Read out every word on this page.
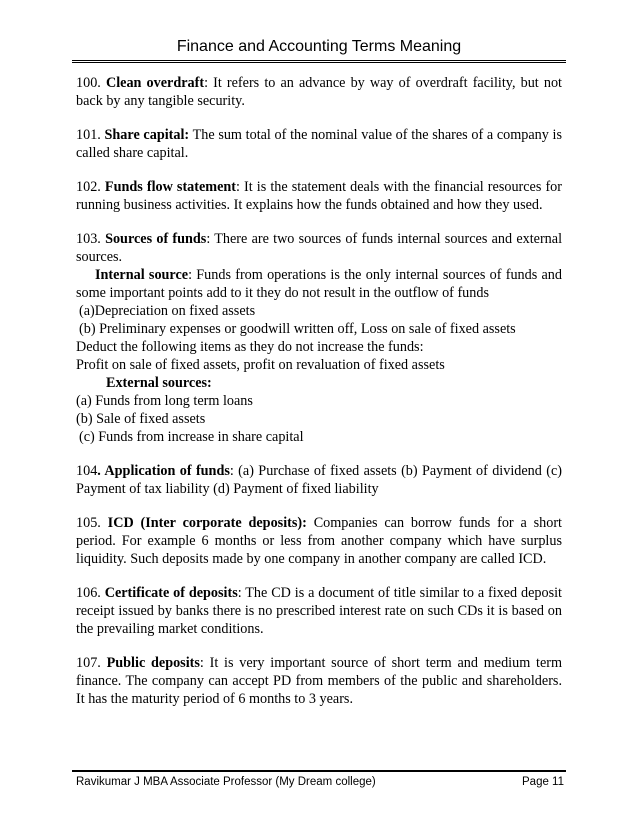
Finance and Accounting Terms Meaning

100. Clean overdraft: It refers to an advance by way of overdraft facility, but not back by any tangible security.

101. Share capital: The sum total of the nominal value of the shares of a company is called share capital.

102. Funds flow statement: It is the statement deals with the financial resources for running business activities. It explains how the funds obtained and how they used.

103. Sources of funds: There are two sources of funds internal sources and external sources.

Internal source: Funds from operations is the only internal sources of funds and some important points add to it they do not result in the outflow of funds

(a)Depreciation on fixed assets

(b) Preliminary expenses or goodwill written off, Loss on sale of fixed assets

Deduct the following items as they do not increase the funds:

Profit on sale of fixed assets, profit on revaluation of fixed assets

External sources:

(a) Funds from long term loans

(b) Sale of fixed assets

(c) Funds from increase in share capital

104. Application of funds: (a) Purchase of fixed assets (b) Payment of dividend (c) Payment of tax liability (d) Payment of fixed liability

105. ICD (Inter corporate deposits): Companies can borrow funds for a short period. For example 6 months or less from another company which have surplus liquidity. Such deposits made by one company in another company are called ICD.

106. Certificate of deposits: The CD is a document of title similar to a fixed deposit receipt issued by banks there is no prescribed interest rate on such CDs it is based on the prevailing market conditions.

107. Public deposits: It is very important source of short term and medium term finance. The company can accept PD from members of the public and shareholders. It has the maturity period of 6 months to 3 years.

Ravikumar J MBA Associate Professor (My Dream college)	Page 11
